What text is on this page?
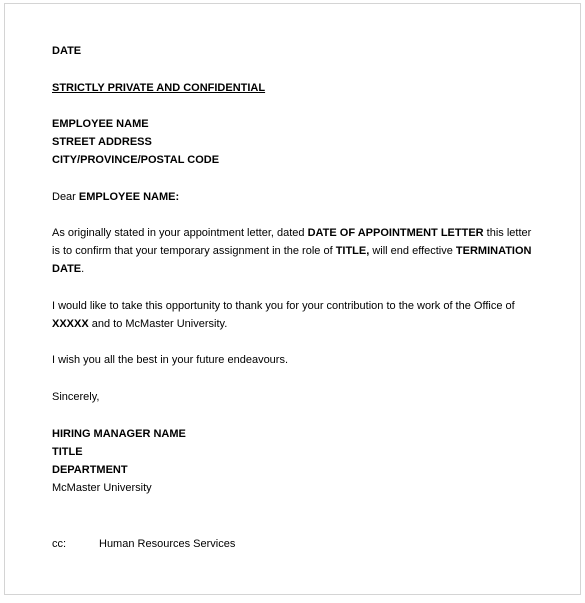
DATE
STRICTLY PRIVATE AND CONFIDENTIAL
EMPLOYEE NAME
STREET ADDRESS
CITY/PROVINCE/POSTAL CODE
Dear EMPLOYEE NAME:
As originally stated in your appointment letter, dated DATE OF APPOINTMENT LETTER this letter is to confirm that your temporary assignment in the role of TITLE, will end effective TERMINATION DATE.
I would like to take this opportunity to thank you for your contribution to the work of the Office of XXXXX and to McMaster University.
I wish you all the best in your future endeavours.
Sincerely,
HIRING MANAGER NAME
TITLE
DEPARTMENT
McMaster University
cc:	Human Resources Services
